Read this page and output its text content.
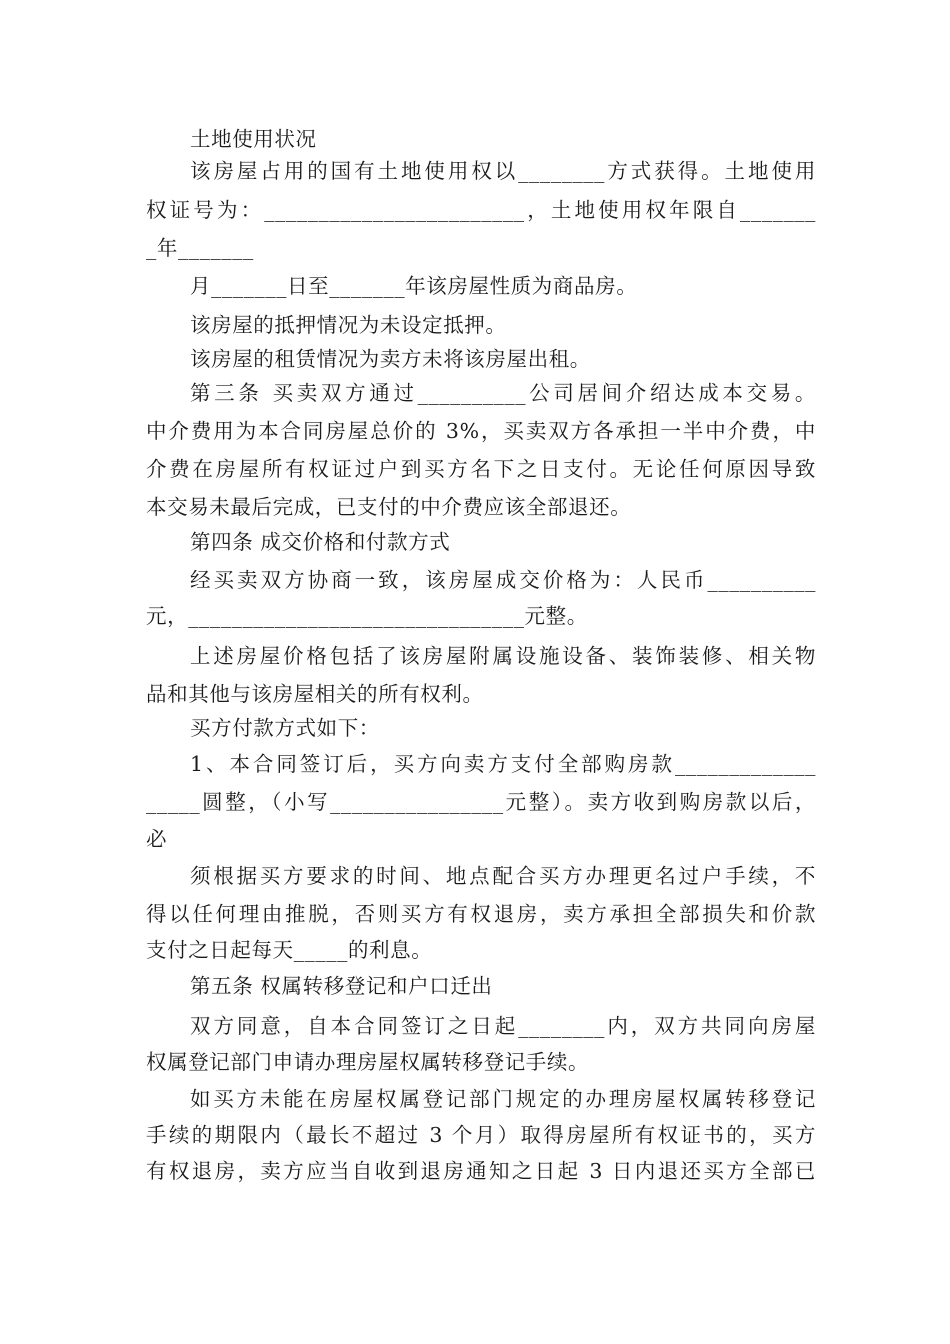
土地使用状况
该房屋占用的国有土地使用权以________方式获得。土地使用
权证号为：________________________，土地使用权年限自_______
_年_______
月_______日至_______年该房屋性质为商品房。
该房屋的抵押情况为未设定抵押。
该房屋的租赁情况为卖方未将该房屋出租。
第三条 买卖双方通过__________公司居间介绍达成本交易。
中介费用为本合同房屋总价的 3%，买卖双方各承担一半中介费，中
介费在房屋所有权证过户到买方名下之日支付。无论任何原因导致
本交易未最后完成，已支付的中介费应该全部退还。
第四条 成交价格和付款方式
经买卖双方协商一致，该房屋成交价格为：人民币__________
元，_______________________________元整。
上述房屋价格包括了该房屋附属设施设备、装饰装修、相关物
品和其他与该房屋相关的所有权利。
买方付款方式如下：
1、本合同签订后，买方向卖方支付全部购房款_____________
_____圆整，（小写________________元整）。卖方收到购房款以后，
必
须根据买方要求的时间、地点配合买方办理更名过户手续，不
得以任何理由推脱，否则买方有权退房，卖方承担全部损失和价款
支付之日起每天_____的利息。
第五条 权属转移登记和户口迁出
双方同意，自本合同签订之日起________内，双方共同向房屋
权属登记部门申请办理房屋权属转移登记手续。
如买方未能在房屋权属登记部门规定的办理房屋权属转移登记
手续的期限内（最长不超过 3 个月）取得房屋所有权证书的，买方
有权退房，卖方应当自收到退房通知之日起 3 日内退还买方全部已
